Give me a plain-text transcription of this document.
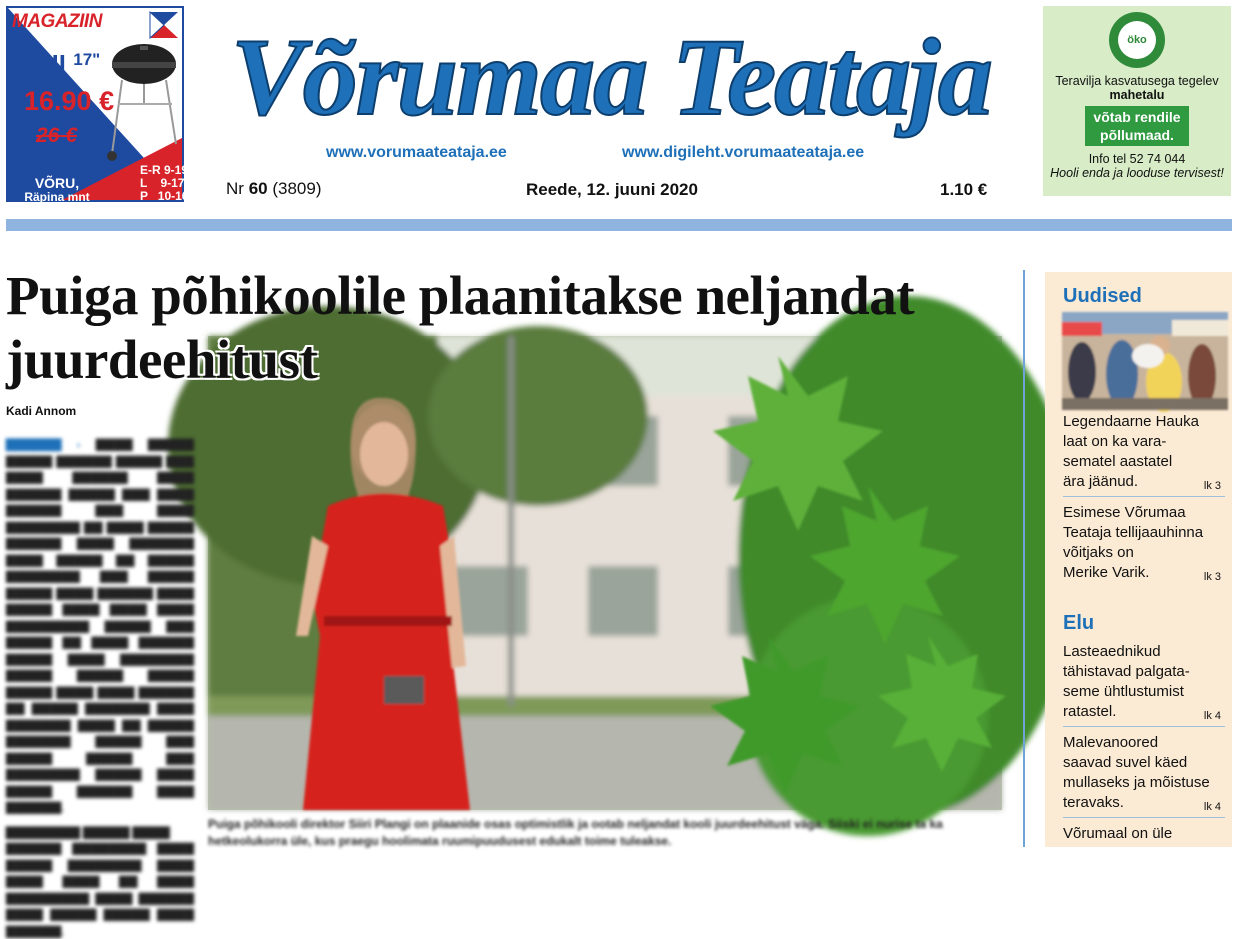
MAGAZIIN
Grill $^{17"}$
16.90 €
26 €
VÕRU,
Räpina mnt 15a
E-R 9-19
L    9-17
P   10-16
Võrumaa Teataja
www.vorumaateataja.ee	www.digileht.vorumaateataja.ee
Nr 60 (3809)	Reede, 12. juuni 2020	1.10 €
öko
Teravilja kasvatusega tegelev
mahetalu
võtab rendile
põllumaad.
Info tel 52 74 044
Hooli enda ja looduse tervisest!
Puiga põhikoolile plaanitakse neljandat
juurdeehitust
Kadi Annom
▇▇▇▇▇▇ › ▇▇▇▇ ▇▇▇▇▇ ▇▇▇▇▇ ▇▇▇▇▇▇ ▇▇▇▇▇ ▇▇▇ ▇▇▇▇ ▇▇▇▇▇▇ ▇▇▇▇ ▇▇▇▇▇▇ ▇▇▇▇▇ ▇▇▇ ▇▇▇▇ ▇▇▇▇▇▇ ▇▇▇ ▇▇▇▇ ▇▇▇▇▇▇▇▇ ▇▇ ▇▇▇▇ ▇▇▇▇▇ ▇▇▇▇▇▇ ▇▇▇▇ ▇▇▇▇▇▇▇ ▇▇▇▇ ▇▇▇▇▇ ▇▇ ▇▇▇▇▇ ▇▇▇▇▇▇▇▇ ▇▇▇ ▇▇▇▇▇ ▇▇▇▇▇ ▇▇▇▇ ▇▇▇▇▇▇ ▇▇▇▇ ▇▇▇▇▇ ▇▇▇▇ ▇▇▇▇ ▇▇▇▇ ▇▇▇▇▇▇▇▇▇ ▇▇▇▇▇ ▇▇▇ ▇▇▇▇▇ ▇▇ ▇▇▇▇ ▇▇▇▇▇▇ ▇▇▇▇▇ ▇▇▇▇ ▇▇▇▇▇▇▇▇ ▇▇▇▇▇ ▇▇▇▇▇ ▇▇▇▇▇ ▇▇▇▇▇ ▇▇▇▇ ▇▇▇▇ ▇▇▇▇▇▇ ▇▇ ▇▇▇▇▇ ▇▇▇▇▇▇▇ ▇▇▇▇ ▇▇▇▇▇▇▇ ▇▇▇▇ ▇▇ ▇▇▇▇▇ ▇▇▇▇▇▇▇ ▇▇▇▇▇ ▇▇▇ ▇▇▇▇▇ ▇▇▇▇▇ ▇▇▇ ▇▇▇▇▇▇▇▇ ▇▇▇▇▇ ▇▇▇▇ ▇▇▇▇▇ ▇▇▇▇▇▇ ▇▇▇▇ ▇▇▇▇▇▇.
▇▇▇▇▇▇▇▇ ▇▇▇▇▇ ▇▇▇▇
▇▇▇▇▇▇ ▇▇▇▇▇▇▇▇ ▇▇▇▇ ▇▇▇▇▇ ▇▇▇▇▇▇▇▇ ▇▇▇▇ ▇▇▇▇ ▇▇▇▇ ▇▇ ▇▇▇▇ ▇▇▇▇▇▇▇▇▇ ▇▇▇▇ ▇▇▇▇▇▇ ▇▇▇▇ ▇▇▇▇▇ ▇▇▇▇▇ ▇▇▇▇ ▇▇▇▇▇▇.
Puiga põhikooli direktor Siiri Plangi on plaanide osas optimistlik ja ootab neljandat kooli juurdeehitust väga. Siiski ei nurise ta ka hetkeolukorra üle, kus praegu hoolimata ruumipuudusest edukalt toime tuleakse.
Uudised
Legendaarne Hauka
laat on ka vara-
sematel aastatel
ära jäänud.	lk 3
Esimese Võrumaa
Teataja tellijaauhinna
võitjaks on
Merike Varik.	lk 3
Elu
Lasteaednikud
tähistavad palgata-
seme ühtlustumist
ratastel.	lk 4
Malevanoored
saavad suvel käed
mullaseks ja mõistuse
teravaks.	lk 4
Võrumaal on üle
